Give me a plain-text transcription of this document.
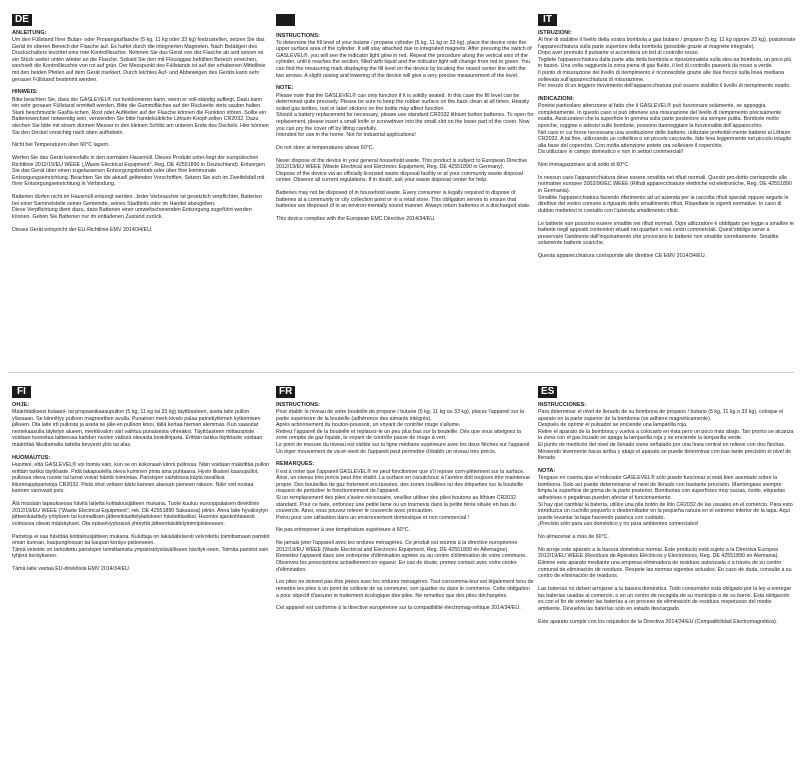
DE
ANLEITUNG:
Um den Füllstand Ihrer Butan- oder Propangasflasche (5 kg, 11 kg oder 33 kg) festzustellen, setzen Sie das Gerät im oberen Bereich der Flasche auf. Es haftet durch die integrierten Magneten. Nach Betätigen des Druckschalters leuchtet eine rote Kontrollleuchte. Nehmen Sie das Gerät von der Flasche ab und setzen es ein Stück weiter unten wieder an die Flasche. Sobald Sie den mit Flüssiggas befüllten Bereich erreichen, wechselt die Kontrollleuchte von rot auf grün. Der Messpunkt des Füllstands ist auf der erhabenen Mittellinie mit den beiden Pfeilen auf dem Gerät markiert. Durch leichtes Auf- und Abbewegen des Geräts kann sehr genauer Füllstand bestimmt werden.
HINWEIS:
Bitte beachten Sie, dass der GASLEVEL® nur funktionieren kann, wenn er voll-ständig aufliegt. Dazu kann ein sehr genauer Füllstand ermittelt werden. Bitte die Gummiflächse auf der Rückseite stets sauber halten. Stark beschmutzte Gasfla-schen, Rost oder Aufkleber auf der Flasche können die Funktion stören. Sollte ein Batteriewechsel notwendig sein, verwenden Sie bitte handelsübliche Lithium-Knopf-zellen CR2032. Dazu stechen Sie bitte mit einem dünnen Messer in den kleinen Schlitz am unteren Ende des Deckels. Hier können Sie den Deckel vorsichtig nach oben aufhebeln.
Nicht bei Temperaturen über 60°C lagern.
Werfen Sie das Gerät keinesfalls in den normalen Hausmüll. Dieses Produkt unter-liegt der europäischen Richtlinie 2012/19/EU WEEE („Waste Electrical Equipment", Reg. DE 42551890 in Deutschland). Entsorgen Sie das Gerät über einen zugelassenen Entsorgungsbetrieb oder über Ihre kommunale Entsorgungseinrichtung. Beachten Sie die aktuell geltenden Vorschriften. Setzen Sie sich im Zweifelsfall mit Ihrer Entsorgungseinrichtung in Verbindung.
Batterien dürfen nicht im Hausmüll entsorgt werden. Jeder Verbraucher ist gesetzlich verpflichtet, Batterien bei einer Sammelstelle seiner Gemeinde, seines Stadtteils oder im Handel abzugeben.
Diese Verpflichtung dient dazu, dass Batterien einer umweltschonenden Entsorgung zugeführt werden können. Geben Sie Batterien nur im entladenen Zustand zurück.
Dieses Gerät entspricht der EU-Richtlinie EMV 2014/34/EU.
INSTRUCTIONS:
To determine the fill level of your butane / propane cylinder (5 kg, 11 kg or 33 kg), place the device onto the upper surface area of the cylinder. It will stay attached due to integrated magnets. After pressing the switch of GASLEVEL®, you will see the indicator light glow in red. Repeat the procedure along the vertical axis of the cylinder, until it reaches the section, filled with liquid and the indicator light will change from red to green. You can find the measuring mark displaying the fill level on the device by locating the raised center line with the two arrows. A slight raising and lowering of the device will give a very precise measurement of the level.
NOTE:
Please note that the GASLEVEL® can only function if it is solidly seated. In this case the fill level can be determined quite precisely. Please be sure to keep the rubber surface on the back clean at all times. Heavily soiled gas bottles, rust or label stickers on the bottle may affect function.
Should a battery replacement be necessary, please use standard CR2032 lithium button batteries. To open for replacement, please insert a small knife or screwdriver into the small slot on the lower part of the cover. Now you can pry the cover off by lifting carefully.
Intended for use in the home. Not for industrial applications!
Do not store at temperatures above 60°C.
Never dispose of the device in your general household waste. This product is subject to European Directive 2012/19/EU WEEE (Waste Electrical and Electronic Equipment, Reg. DE 42551890 in Germany).
Dispose of the device via an officially licensed waste disposal facility or at your community waste disposal center. Observe all current regulations. If in doubt, ask your waste disposal center for help.
Batteries may not be disposed of in household waste. Every consumer is legally required to dispose of batteries at a community or city collection point or in a retail store. This obligation serves to ensure that batteries are disposed of in an environ-mentally sound manner. Always return batteries in a discharged state.
This device complies with the European EMC Directive 2014/34/EU.
IT
ISTRUZIONI:
Al fine di stabilire il livello della vostra bombola a gas butano / propano (5 kg, 11 kg oppure 33 kg), posizionate l'apparecchiatura sulla parte superiore della bombola (possibile grazie al magnete integrato).
Dopo aver premuto il pulsante si accenderà un led di controllo rosso.
Togliete l'apparecchiatura dalla parte alta della bombola e riposizionatela sulla stes-sa bombola, un poco più in basso. Una volta raggiunta la zona piena di gas fluido, il led di controllo passerà da rosso a verde.
Il punto di misurazione del livello di riempimento è riconoscibile grazie alle due frecce sulla linea mediana sollevata sull'apparecchiatura di misurazione.
Per mezzo di un leggero movimento dell'apparecchiatura può essere stabilito il livello di riempimento esatto.
INDICAZIONI:
Ponete particolare attenzione al fatto che il GASLEVEL® può funzionare solamente, se appoggia completamente. In questo caso si può ottenere una misurazione del livello di riempimento precisamente esatta. Assicuratevi che la superficie in gomma sulla parte posteriore sia sempre pulita. Bombole molto sporche, ruggine o adesivi sulle bombole, possono danneggiare la funzionalità dell'apparecchio.
Nel caso in cui fosse necessaria una sostituzione delle batterie, utilizzate preferibil-mente batterie al Lithium CR2032. A tal fine, utilizzando un coltellino o un piccolo cacciavite, fate leva leggermente nel piccolo intaglio alla base del coperchio. Con molta attenzione potete ora sollevare il coperchio.
Da utilizzare in campo domestico e non in settori commerciali!
Non immagazzinare al di sotto di 60°C.
In nessun caso l'apparecchiatura deve essere smaltita nei rifiuti normali. Questo pro-dotto corrisponde alle normative europee 2002/96/EC WEEE (Rifiuti apparecchiature elettriche ed elettroniche, Reg. DE 42551890 in Germania).
Smaltite l'apparecchiatura facendo riferimento ad un'azienda per la raccolta rifiuti speciali oppure seguite le direttive del vostro comune a riguardo dello smaltimento rifiuti. Rispettate le vigenti normative. In caso di dubbio mettetevi in contatto con l'azienda smaltimento rifiuti.
Le batterie non possono essere smaltite nei rifiuti normali. Ogni utilizzatore è obbligato per legge a smaltire le batterie negli appositi contenitori situati nei quartieri o nei centri commerciali. Quest'obbligo serve a preservare l'ambiente dall'inquinamento che provocano le batterie non smaltite correttamente. Smaltite solamente batterie scariche.
Questa apparecchiatura corrisponde alle direttive CE EMV 2014/34/EU.
FI
OHJE:
Määrittääksesi butaani- tai propaanikaasupullon (5 kg, 11 kg tai 33 kg) täyttöasteen, aseta laite pullon yläosaan. Se kiinnittyy pulloon magneettien avulla. Punainen merk-kivalo palaa painekytkimen kytkemisen jälkeen. Ota laite irti pullosta ja aseta se jäle-en pulloon kinni, tällä kertaa hieman alemmas. Kun saavutat nestekaasulla täytetyn alueen, merkkivalon väri vaihtuu punaisesta vihreäksi. Täyttöasteen mittauspiste voidaan tunnistaa laitteessa kahden nuolen välissä olevasta keskilinjasta. Erittäin tarkka täyttöaste voidaan määrittää liikuttamalla laitetta kevyesti ylös tai alas.
HUOMAUTUS:
Huomioi, että GASLEVEL® voi toimia vain, kun se on kokonaan kiinni pullossa. Näin voidaan määrittää pullon erittäin tarkka täyttöaste. Pidä takapuolella oleva kuminen pinta aina puhtaana. Hyvin likaiset kaasupullot, pullossa oleva ruoste tai tarrat voivat häiritä toimintaa. Paristojen vaihdossa käytä tavallisia litiumnappiparistoja CR2032. Pistä ohut veitsen kärki kannen alaosan pieneen rakoon. Näin voit nostaa kannen varovasti pois.
Älä missään tapauksessa hävitä laitetta kotitalousjätteen mukana. Tuote kuuluu eurooppalaisen direktiivin 2012/19/EU WEEE ("Waste Electrical Equipment", rek. DE 42551890 Saksassa) piiriin. Anna laite hyväksytyn jätteenkäsittely-yrityksen tai kunnallisen jätteenkäsittelylaitoksen hävitettäväksi. Huomioi ajankohtaisesti voimassa olevat määräykset. Ota epäselvyyksissä yhteyttä jätteenkäsittelytoimipisteeseen.
Paristoja ei saa hävittää kotitalousjätteen mukana. Kuluttaja on lakisääteisesti velvoitettu toimittamaan paristot oman kunnan, kaupunginosan tai kaupan keräys-pisteeseen.
Tämä velvoite on tarkoitettu paristojen toimittamista ympäristöystävälliseen hävityk-seen. Toimita paristot vain tyhjinä keräykseen.
Tämä laite vastaa EU-direktiiviä EMV 2014/34/EU.
FR
INSTRUCTIONS:
Pour établir le niveau de votre bouteille de propane / butane (5 kg, 11 kg ou 33 kg), placez l'appareil sur la partie supérieure de la bouteille (adhérence des aimants intégrés).
Après actionnement du bouton-poussoir, un voyant de contrôle rouge s'allume.
Retirez l'appareil de la bouteille et replacez-le un peu plus bas sur la bouteille. Dès que vous atteignez la zone remplie de gaz liquide, le voyant de contrôle passe de rouge à vert.
Le point de mesure du niveau est visible sur la ligne médiane supérieure avec les deux flèches sur l'appareil.
Un léger mouvement de va-et-vient de l'appareil peut permettre d'établir un niveau très précis.
REMARQUES:
Il est à noter que l'appareil GASLEVEL® ne peut fonctionner que s'il repose com-plètement sur la surface. Ainsi, un niveau très précis peut être établi. La surface en caoutchouc à l'arrière doit toujours être maintenue propre. Des bouteilles de gaz fortement encrassées, des zones rouillées ou des étiquettes sur la bouteille risquent de perturber le fonctionnement de l'appareil.
Si un remplacement des piles s'avère nécessaire, veuillez utiliser des piles boutons au lithium CR2032 standard. Pour ce faire, enfoncez une petite lame ou un tournevis dans la petite fente située en bas du couvercle. Ainsi, vous pouvez relever le couvercle avec précaution.
Prévu pour une utilisation dans un environnement domestique et non commercial !
Ne pas entreposer à une température supérieure à 60°C.
Ne jamais jeter l'appareil avec les ordures ménagères. Ce produit est soumis à la directive européenne 2012/19/EU WEEE (Waste Electrical and Electronic Equipment, Reg. DE 42551890 en Allemagne).
Remettez l'appareil dans une entreprise d'élimination agréée ou au centre d'élimination de votre commune. Observez les prescriptions actuellement en vigueur. En cas de doute, prenez contact avec votre centre d'élimination.
Les piles ne doivent pas être jetées avec les ordures ménagères. Tout consomma-teur est légalement tenu de remettre les piles à un point de collecte de sa commune, son quartier ou dans le commerce. Cette obligation a pour objectif d'assurer le traitement écologique des piles. Ne remettez que des piles déchargées.
Cet appareil est conforme à la directive européenne sur la compatibilité électromag-nétique 2014/34/EU.
ES
INSTRUCCIONES:
Para determinar el nivel de llenado de su bombona de propano / butano (5 kg, 11 kg o 33 kg), coloque el aparato en la parte superior de la bombona (se adhiere magnéticamente).
Después de oprimir el pulsador se enciende una lamparilla roja.
Retire el aparato de la bombona y vuelva a colocarlo en ésta pero un poco más abajo. Tan pronto se alcanza la zona con el gas licuado se apaga la lamparilla roja y se enciende la lamparilla verde.
El punto de medición del nivel de llenado viene señalado por una línea central en relieve con dos flechas.
Moviendo levemente hacia arriba y abajo el aparato se puede determinar con bas-tante precisión el nivel de llenado.
NOTA:
Tengase en cuenta que el indicador GASLEVEL® sólo puede funcionar si está bien asentado sobre la bombona. Solo así puede determinarse el nivel de llenado con bastante precisión. Manténgase siempre limpia la superficie de goma de la parte posterior. Bombonas con superficies muy sucias, óxido, etiquetas adhesivas o pegatinas pueden afectar el funcionamiento.
Si hay que cambiar la batería, utilice una pila botón de litio CR2032 de las usuales en el comercio. Para esto introduzca un cuchillo pequeño o destornillador en la pequeña ranura en el extremo inferior de la tapa. Aquí puede levantar la tapa haciendo palanca con cuidado.
¡Previsto sólo para uso doméstico y no para ambientes comerciales!
No almacenar a más de 60°C.
No arroje este aparato a la basura doméstica normal. Este producto está sujeto a la Directiva Europea 2012/19/EU WEEE (Residuos de Aparatos Eléctricos y Electrónicos, Reg. DE 42551890 en Alemania).
Elimine este aparato mediante una empresa eliminadora de residuos autorizada o a través de su centro comunal de eliminación de residuos. Respete las normas vigentes actuales. En caso de duda, consulte a su centro de eliminación de residuos.
Las baterías no deben arrojarse a la basura doméstica. Todo consumidor está obligado por la ley a entregar las baterías usadas al comercio, o en un centro de recogida de su municipio o de su barrio. Esta obligación es con el fin de someter las baterías a un proceso de eliminación de residuos respetuoso del medio ambiente. Devuelva las baterías solo en estado descargado.
Este aparato cumple con los requisitos de la Directiva 2014/34/EU (Compatibilidad Electromagnética).
